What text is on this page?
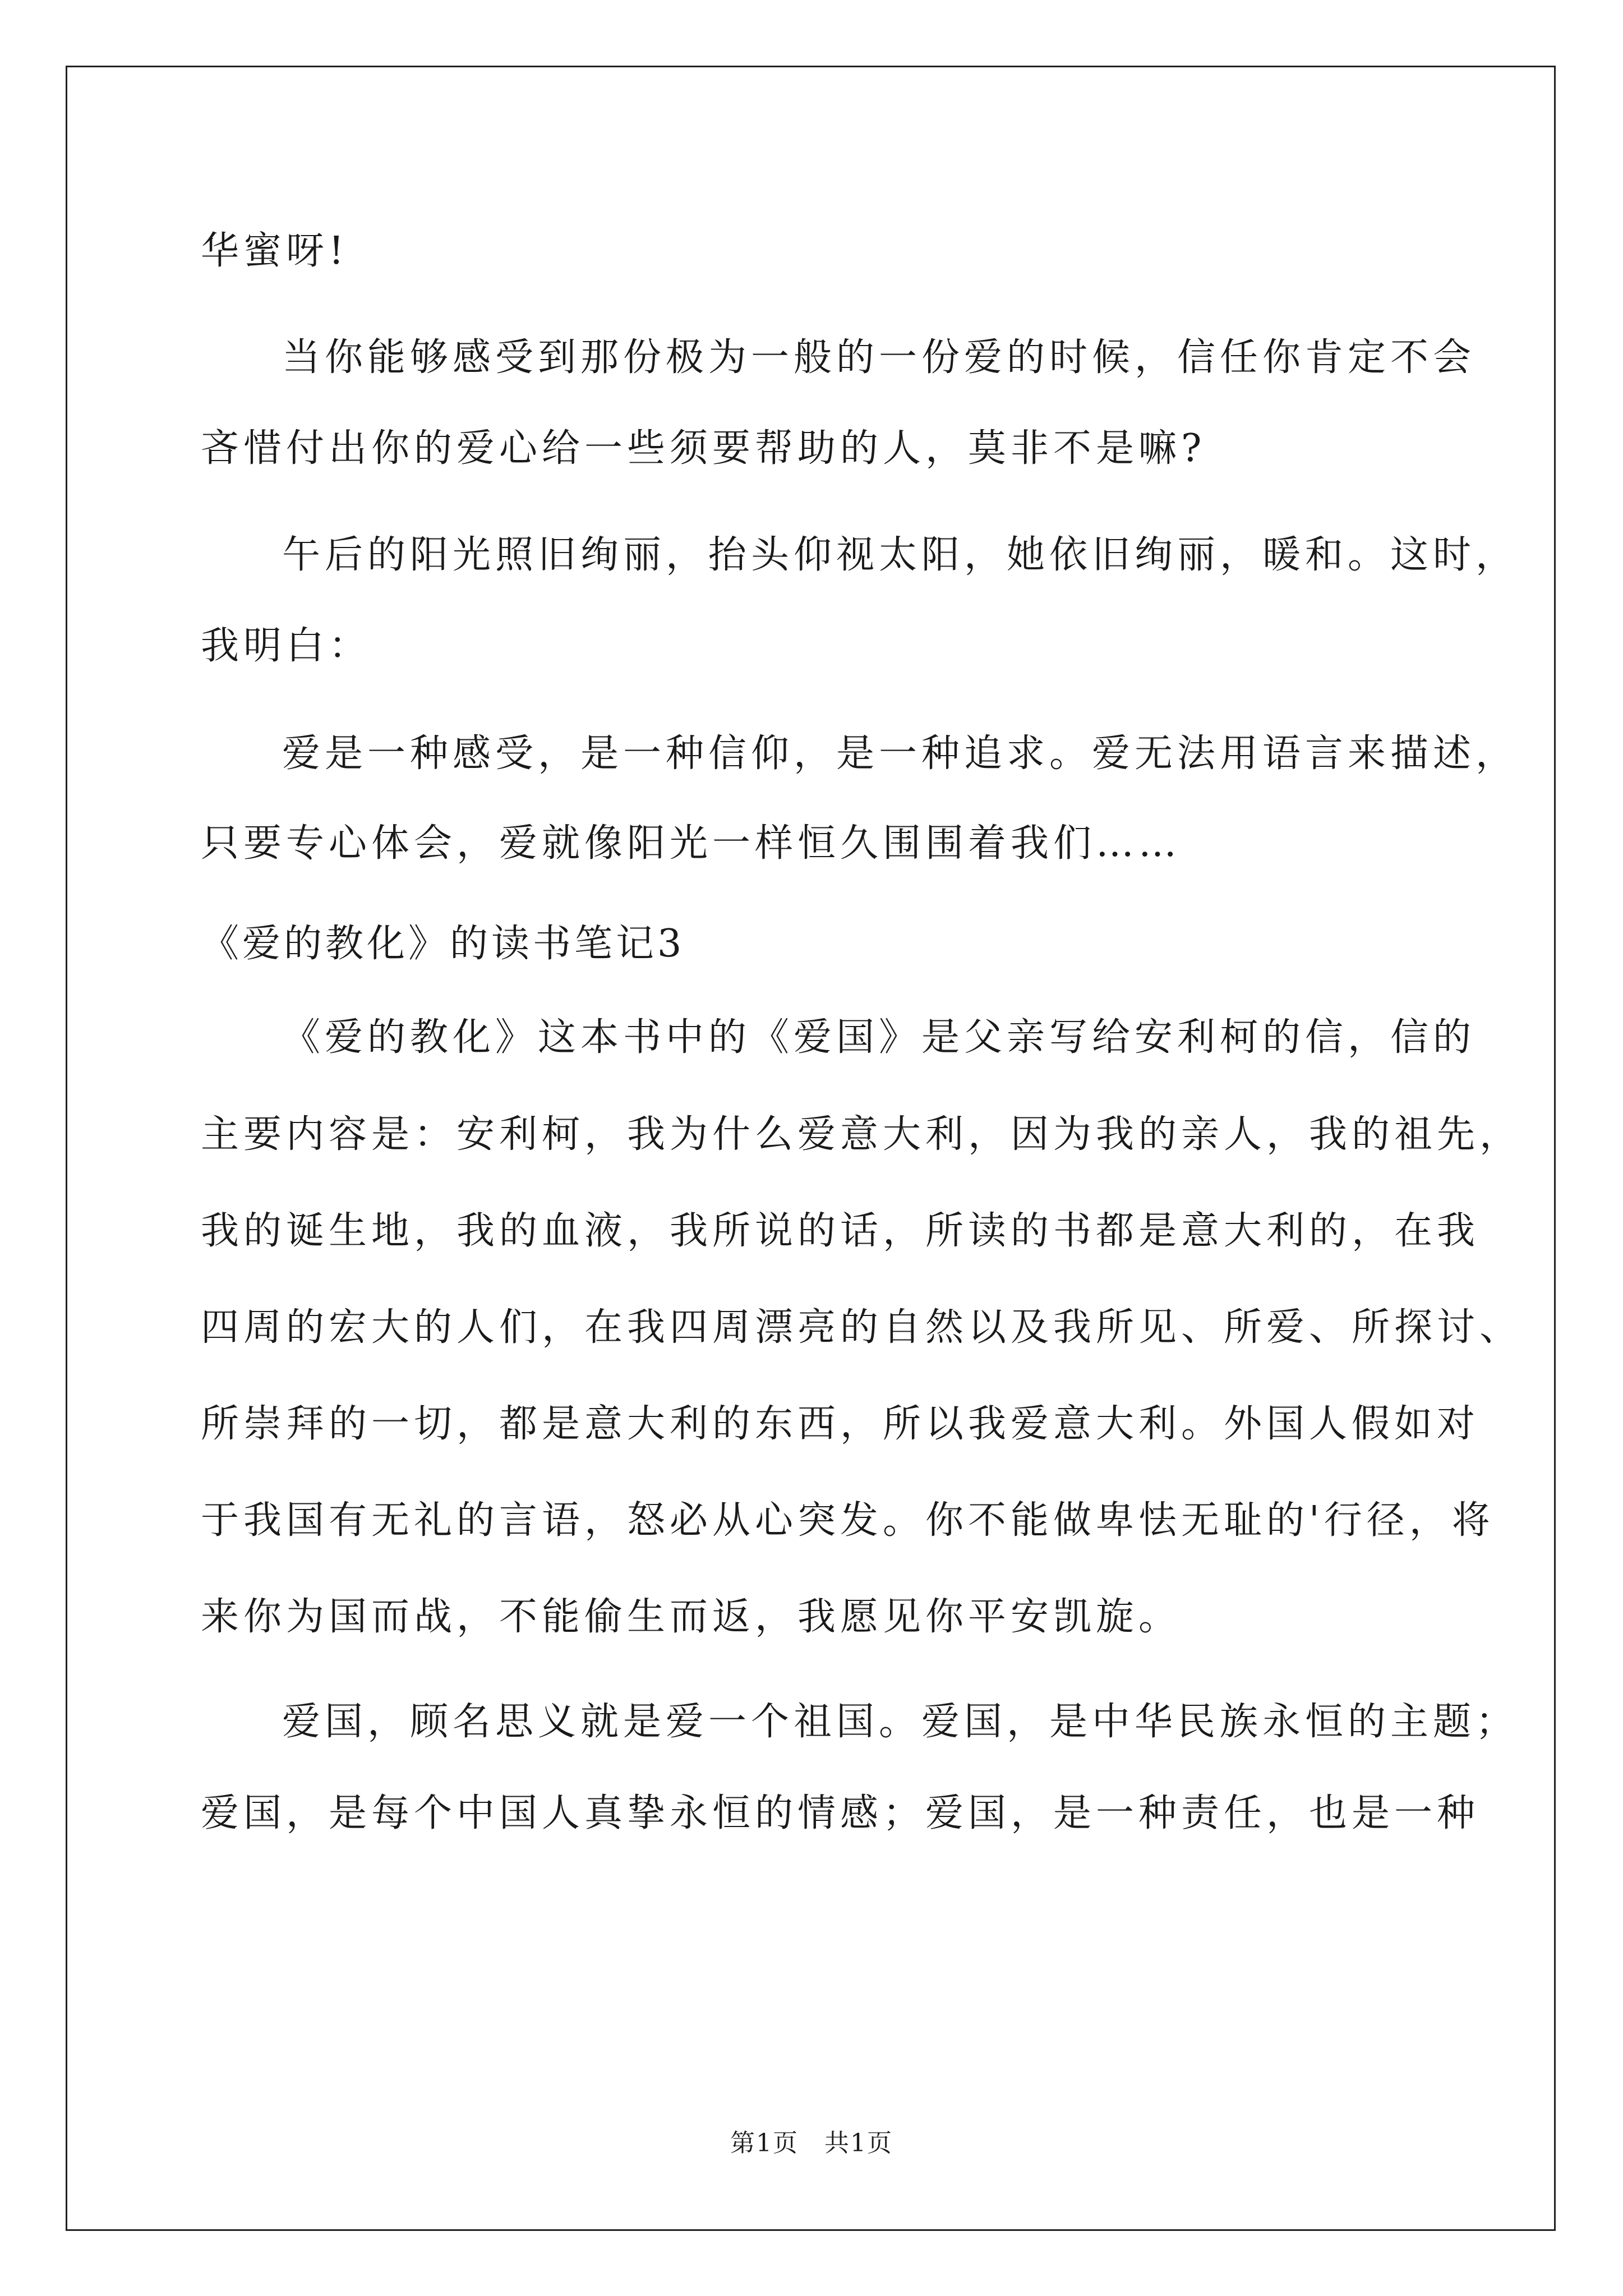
华蜜呀!
当你能够感受到那份极为一般的一份爱的时候，信任你肯定不会
吝惜付出你的爱心给一些须要帮助的人，莫非不是嘛?
午后的阳光照旧绚丽，抬头仰视太阳，她依旧绚丽，暖和。这时，
我明白：
爱是一种感受，是一种信仰，是一种追求。爱无法用语言来描述，
只要专心体会，爱就像阳光一样恒久围围着我们……
《爱的教化》的读书笔记3
《爱的教化》这本书中的《爱国》是父亲写给安利柯的信，信的
主要内容是：安利柯，我为什么爱意大利，因为我的亲人，我的祖先，
我的诞生地，我的血液，我所说的话，所读的书都是意大利的，在我
四周的宏大的人们，在我四周漂亮的自然以及我所见、所爱、所探讨、
所崇拜的一切，都是意大利的东西，所以我爱意大利。外国人假如对
于我国有无礼的言语，怒必从心突发。你不能做卑怯无耻的'行径，将
来你为国而战，不能偷生而返，我愿见你平安凯旋。
爱国，顾名思义就是爱一个祖国。爱国，是中华民族永恒的主题；
爱国，是每个中国人真挚永恒的情感；爱国，是一种责任，也是一种
第1页　共1页
